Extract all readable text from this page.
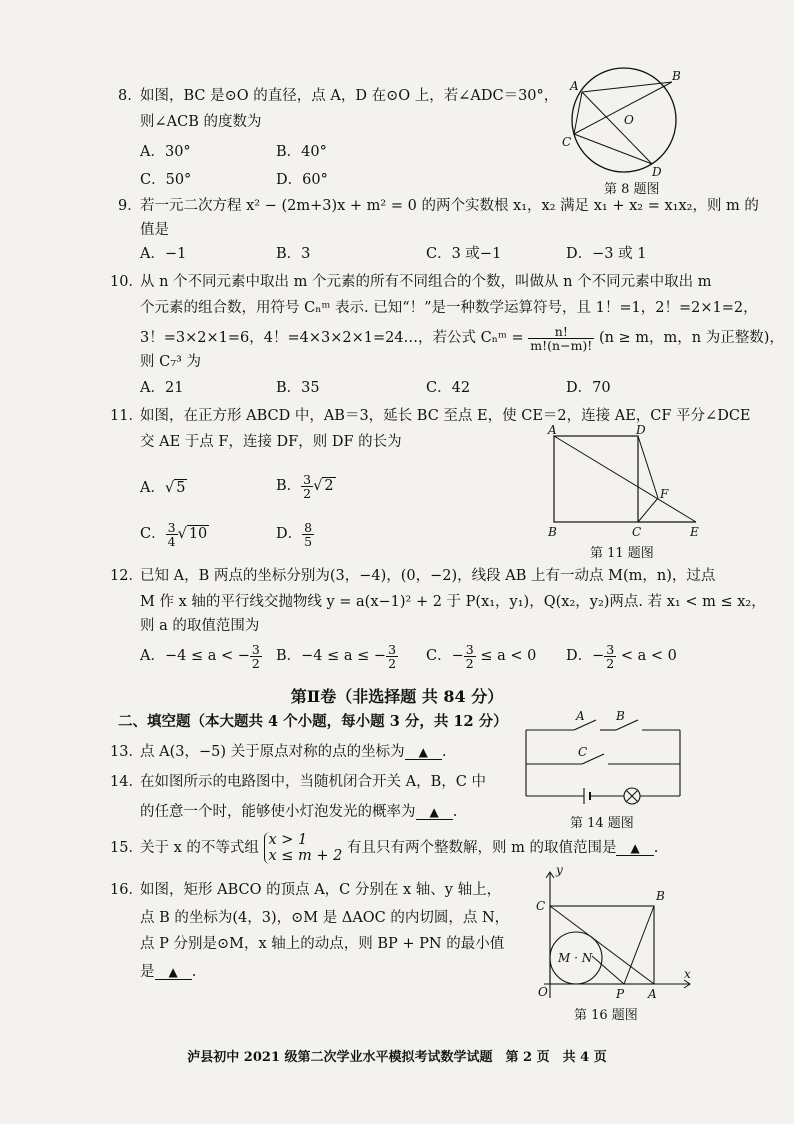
8. 如图，BC 是⊙O 的直径，点 A，D 在⊙O 上，若∠ADC＝30°，
则∠ACB 的度数为
A．30°	B．40°
C．50°	D．60°
A
B
C
D
O
第 8 题图
9．
若一元二次方程 x² − (2m+3)x + m² = 0 的两个实数根 x₁，x₂ 满足 x₁ + x₂ = x₁x₂，则 m 的
值是
A．−1	B．3	C．3 或−1	D．−3 或 1
10．
从 n 个不同元素中取出 m 个元素的所有不同组合的个数，叫做从 n 个不同元素中取出 m
个元素的组合数，用符号 Cₙᵐ 表示. 已知“！”是一种数学运算符号，且 1！=1，2！=2×1=2，
3！=3×2×1=6，4！=4×3×2×1=24…，若公式 Cₙᵐ = $\frac{n!}{m!(n-m)!} (n \ge m$，m，n 为正整数)，
则 C₇³ 为
A．21	B．35	C．42	D．70
11．
如图，在正方形 ABCD 中，AB＝3，延长 BC 至点 E，使 CE＝2，连接 AE，CF 平分∠DCE
交 AE 于点 F，连接 DF，则 DF 的长为
A．√ 5	B． $\frac{3}{2}$ √ 2
C． $\frac{3}{4}$ √ 10	D． $\frac{8}{5}$
A	D
F
B	C	E
第 11 题图
12．
已知 A，B 两点的坐标分别为(3，−4)，(0，−2)，线段 AB 上有一动点 M(m，n)，过点
M 作 x 轴的平行线交抛物线 y = a(x−1)² + 2 于 P(x₁，y₁)，Q(x₂，y₂)两点. 若 x₁ < m ≤ x₂，
则 a 的取值范围为
A．−4 ≤ a < − $\frac{3}{2}$ B．−4 ≤ a ≤ − $\frac{3}{2}$ C．− $\frac{3}{2} \le a < 0$ D．− $\frac{3}{2} < a < 0$
第Ⅱ卷（非选择题 共 84 分）
二、填空题（本大题共 4 个小题，每小题 3 分，共 12 分）
13．
点 A(3，−5) 关于原点对称的点的坐标为 ▲ .
14．
在如图所示的电路图中，当随机闭合开关 A，B，C 中
的任意一个时，能够使小灯泡发光的概率为 ▲ .
A	B
C
第 14 题图
15．
关于 x 的不等式组 x > 1
x ≤ m + 2 有且只有两个整数解，则 m 的取值范围是 ▲ .
16．
如图，矩形 ABCO 的顶点 A，C 分别在 x 轴、y 轴上，
点 B 的坐标为(4，3)，⊙M 是 ΔAOC 的内切圆，点 N，
点 P 分别是⊙M，x 轴上的动点，则 BP + PN 的最小值
是 ▲ .
y
C
B
M · N
O	P A
x
第 16 题图
泸县初中 2021 级第二次学业水平模拟考试数学试题　第 2 页　共 4 页
